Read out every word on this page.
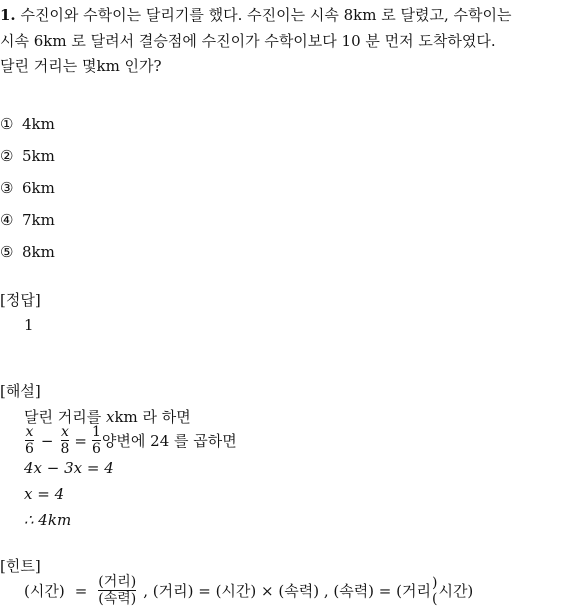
1. 수진이와 수학이는 달리기를 했다. 수진이는 시속 8km 로 달렸고, 수학이는
시속 6km 로 달려서 결승점에 수진이가 수학이보다 10 분 먼저 도착하였다.
달린 거리는 몇km 인가?
① 4km
② 5km
③ 6km
④ 7km
⑤ 8km
[정답]
1
[해설]
달린 거리를 xkm 라 하면
$\frac{x}{6} - \frac{x}{8} = \frac{1}{6}$ 양변에 24 를 곱하면
4x − 3x = 4
x = 4
∴ 4km
[힌트]
(시간) = $\frac{\text{(거리)}}{\text{(속력)}}$ , (거리) = (시간) × (속력) , (속력) = (거리 )
( 시간)
